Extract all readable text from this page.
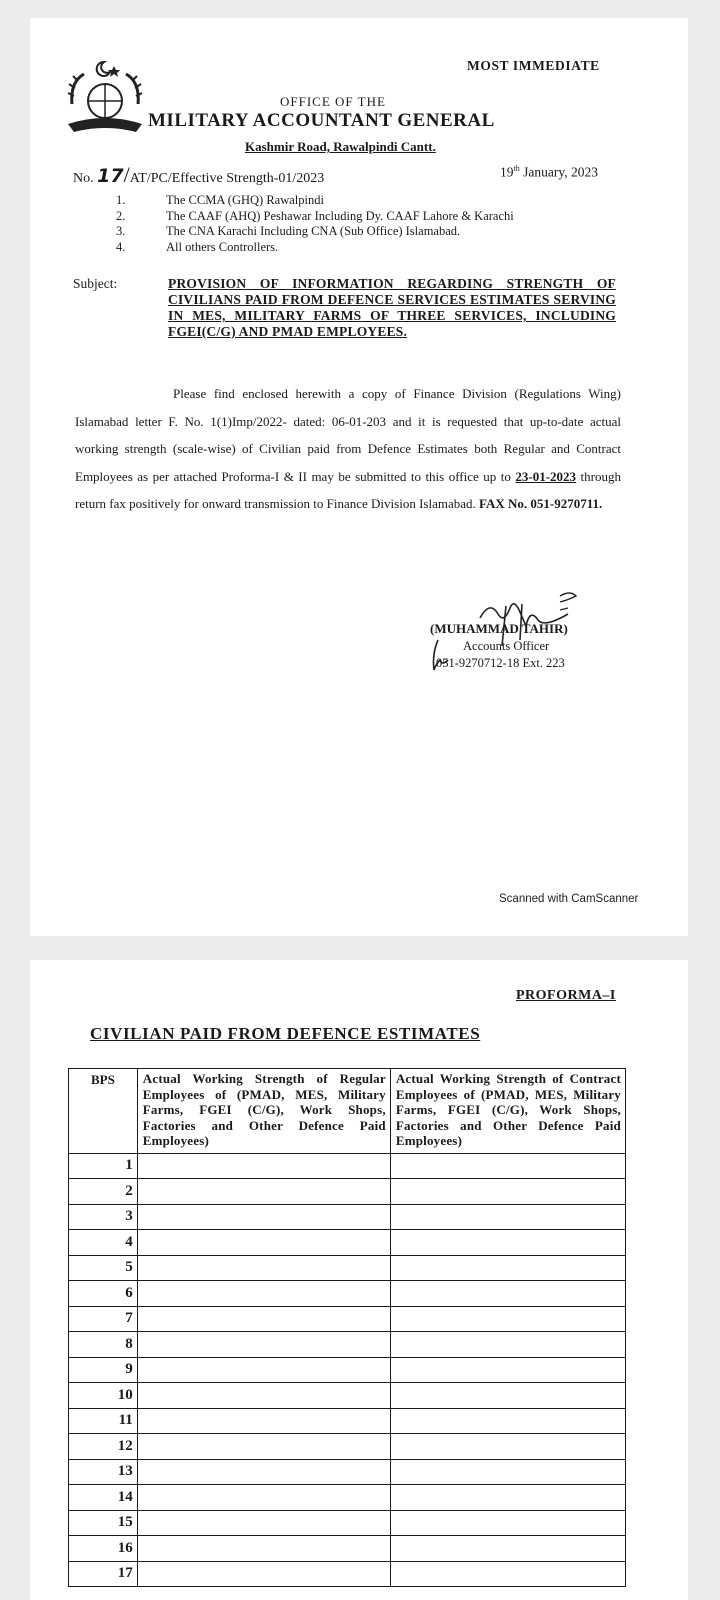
MOST IMMEDIATE
~~~~~~
OFFICE OF THE
MILITARY ACCOUNTANT GENERAL
Kashmir Road, Rawalpindi Cantt.
No. 17/AT/PC/Effective Strength-01/2023	19th January, 2023
1.	The CCMA (GHQ) Rawalpindi
2.	The CAAF (AHQ) Peshawar Including Dy. CAAF Lahore & Karachi
3.	The CNA Karachi Including CNA (Sub Office) Islamabad.
4.	All others Controllers.
Subject:	PROVISION OF INFORMATION REGARDING STRENGTH OF CIVILIANS PAID FROM DEFENCE SERVICES ESTIMATES SERVING IN MES, MILITARY FARMS OF THREE SERVICES, INCLUDING FGEI(C/G) AND PMAD EMPLOYEES.
Please find enclosed herewith a copy of Finance Division (Regulations Wing) Islamabad letter F. No. 1(1)Imp/2022- dated: 06-01-203 and it is requested that up-to-date actual working strength (scale-wise) of Civilian paid from Defence Estimates both Regular and Contract Employees as per attached Proforma-I & II may be submitted to this office up to 23-01-2023 through return fax positively for onward transmission to Finance Division Islamabad. FAX No. 051-9270711.
(MUHAMMAD TAHIR)
Accounts Officer
051-9270712-18 Ext. 223
Scanned with CamScanner
PROFORMA–I
CIVILIAN PAID FROM DEFENCE ESTIMATES
BPS	Actual Working Strength of Regular Employees of (PMAD, MES, Military Farms, FGEI (C/G), Work Shops, Factories and Other Defence Paid Employees)	Actual Working Strength of Contract Employees of (PMAD, MES, Military Farms, FGEI (C/G), Work Shops, Factories and Other Defence Paid Employees)
1		
2		
3		
4		
5		
6		
7		
8		
9		
10		
11		
12		
13		
14		
15		
16		
17		
